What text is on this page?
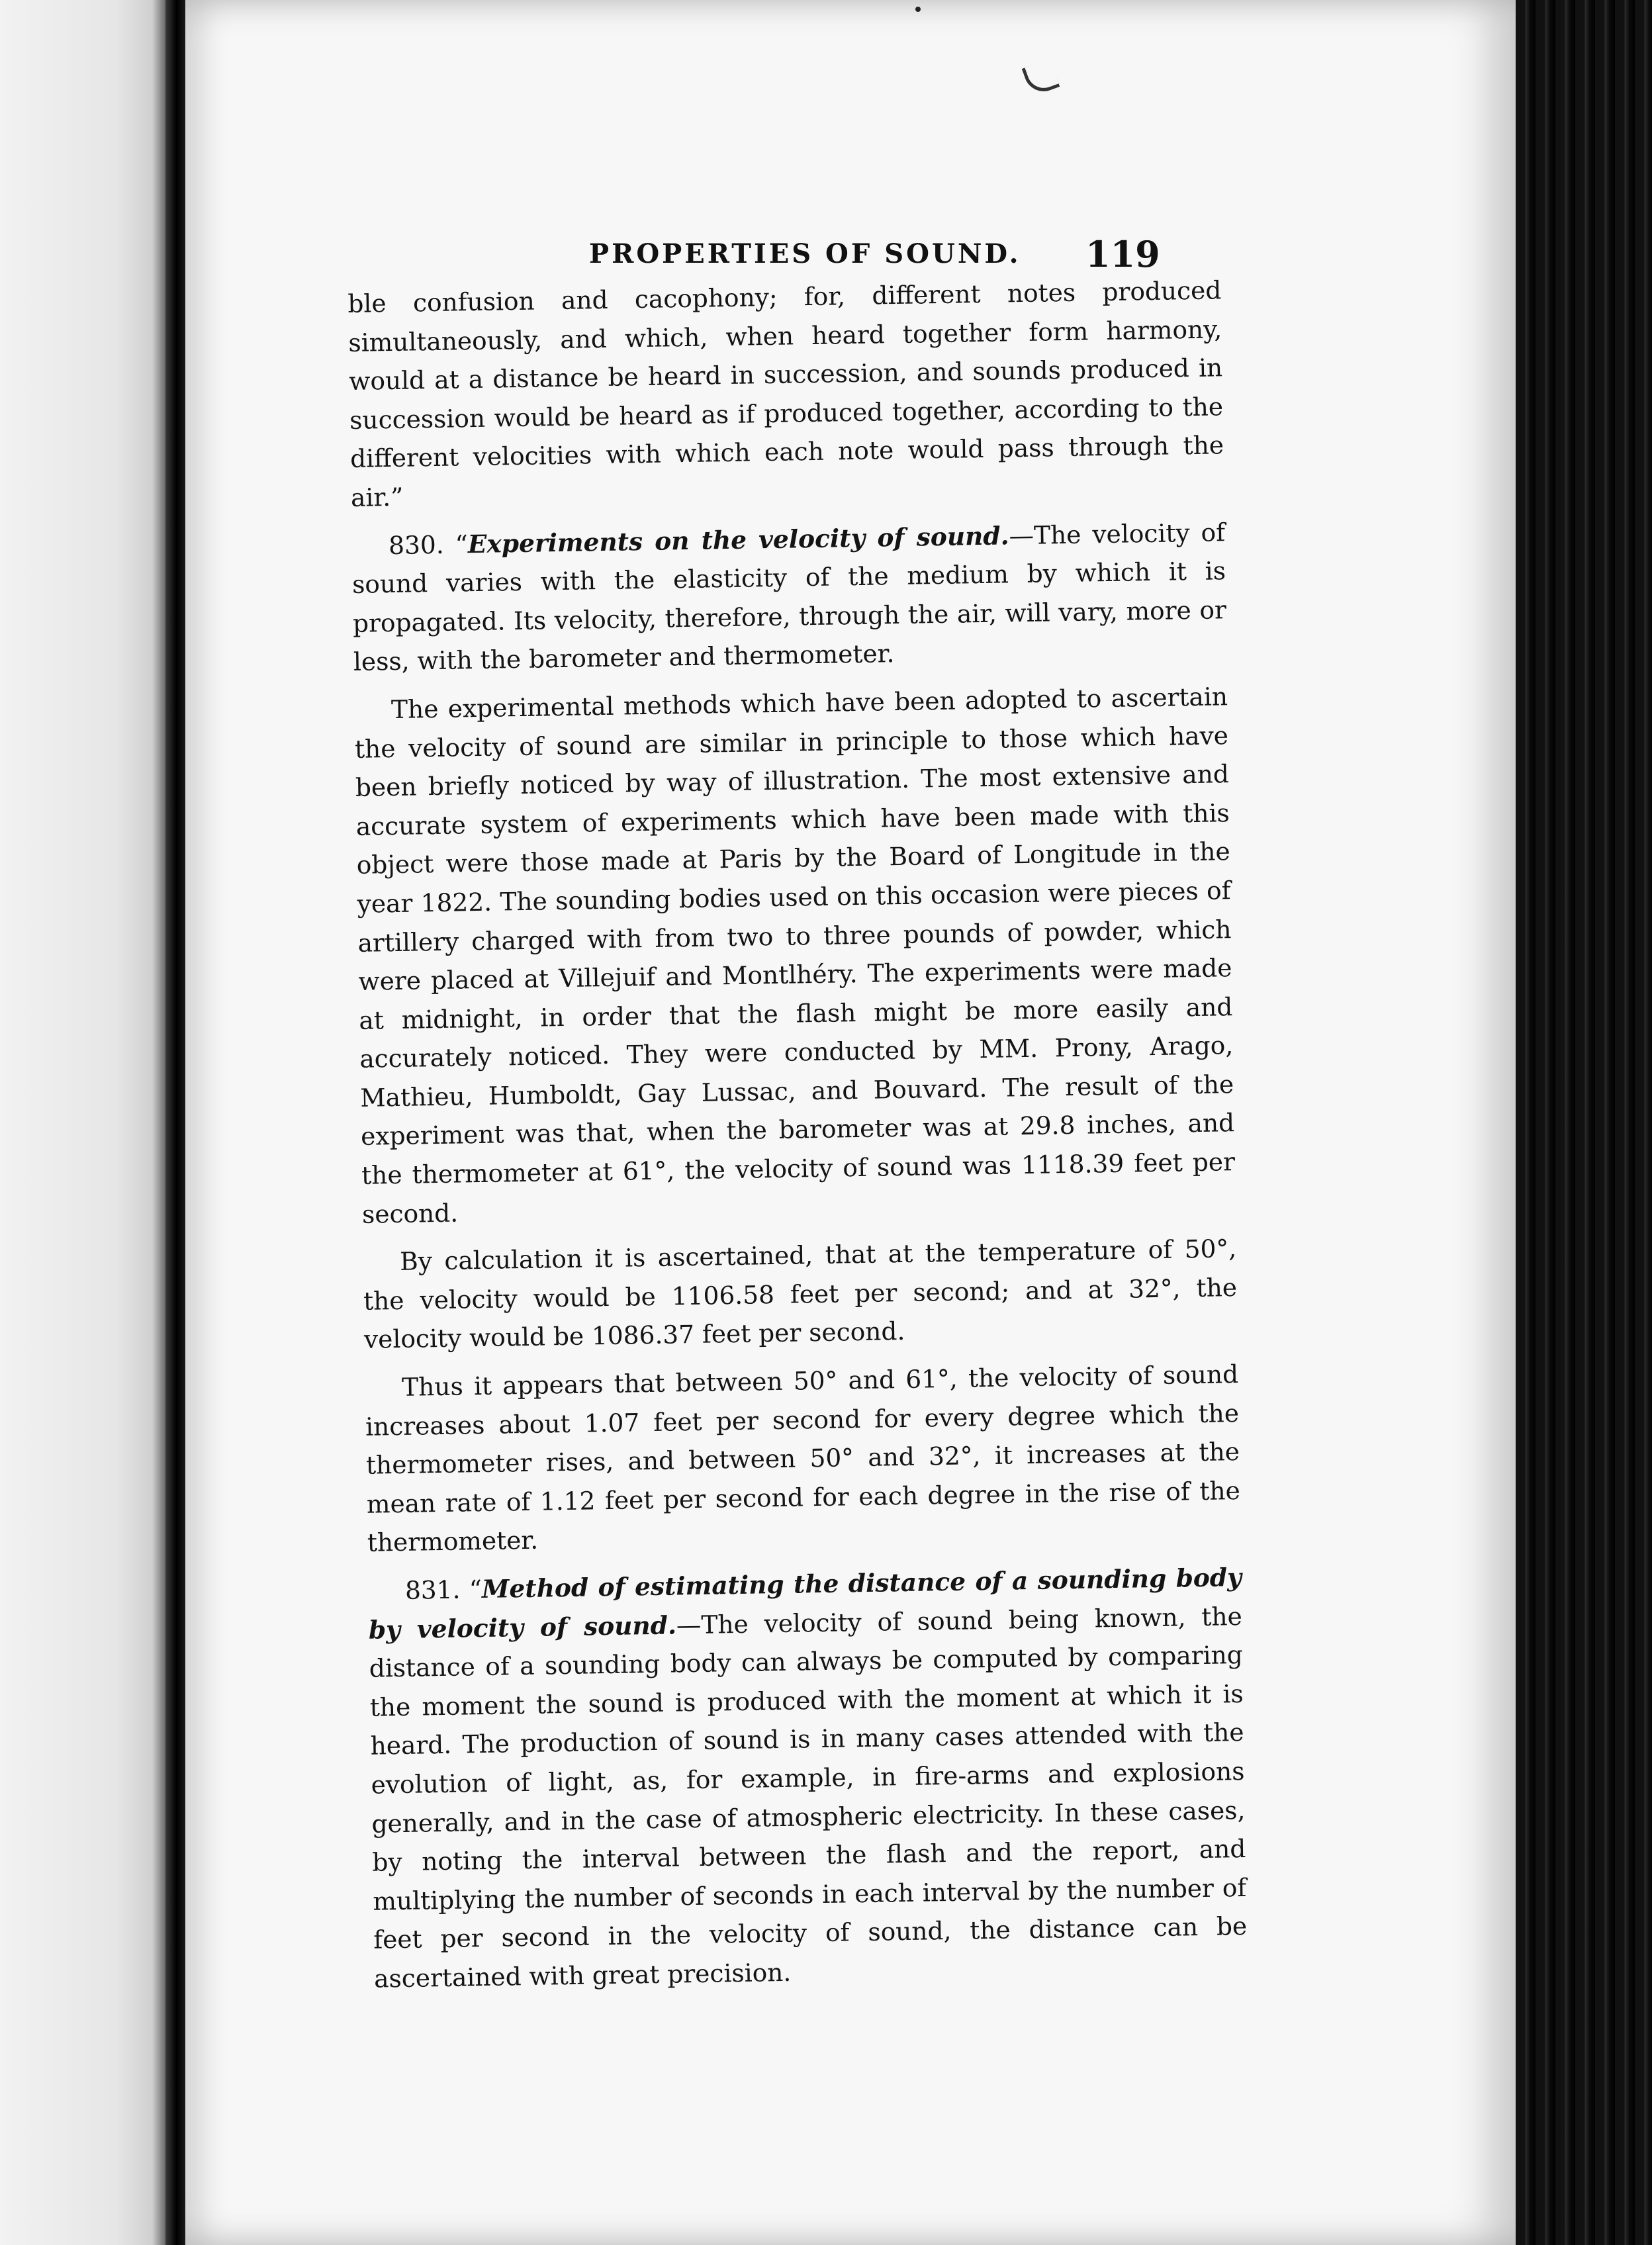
PROPERTIES OF SOUND. 119

ble confusion and cacophony; for, different notes produced simultaneously, and which, when heard together form harmony, would at a distance be heard in succession, and sounds produced in succession would be heard as if produced together, according to the different velocities with which each note would pass through the air.”

830. “Experiments on the velocity of sound.—The velocity of sound varies with the elasticity of the medium by which it is propagated. Its velocity, therefore, through the air, will vary, more or less, with the barometer and thermometer.

The experimental methods which have been adopted to ascertain the velocity of sound are similar in principle to those which have been briefly noticed by way of illustration. The most extensive and accurate system of experiments which have been made with this object were those made at Paris by the Board of Longitude in the year 1822. The sounding bodies used on this occasion were pieces of artillery charged with from two to three pounds of powder, which were placed at Villejuif and Montlhéry. The experiments were made at midnight, in order that the flash might be more easily and accurately noticed. They were conducted by MM. Prony, Arago, Mathieu, Humboldt, Gay Lussac, and Bouvard. The result of the experiment was that, when the barometer was at 29.8 inches, and the thermometer at 61°, the velocity of sound was 1118.39 feet per second.

By calculation it is ascertained, that at the temperature of 50°, the velocity would be 1106.58 feet per second; and at 32°, the velocity would be 1086.37 feet per second.

Thus it appears that between 50° and 61°, the velocity of sound increases about 1.07 feet per second for every degree which the thermometer rises, and between 50° and 32°, it increases at the mean rate of 1.12 feet per second for each degree in the rise of the thermometer.

831. “Method of estimating the distance of a sounding body by velocity of sound.—The velocity of sound being known, the distance of a sounding body can always be computed by comparing the moment the sound is produced with the moment at which it is heard. The production of sound is in many cases attended with the evolution of light, as, for example, in fire-arms and explosions generally, and in the case of atmospheric electricity. In these cases, by noting the interval between the flash and the report, and multiplying the number of seconds in each interval by the number of feet per second in the velocity of sound, the distance can be ascertained with great precision.
